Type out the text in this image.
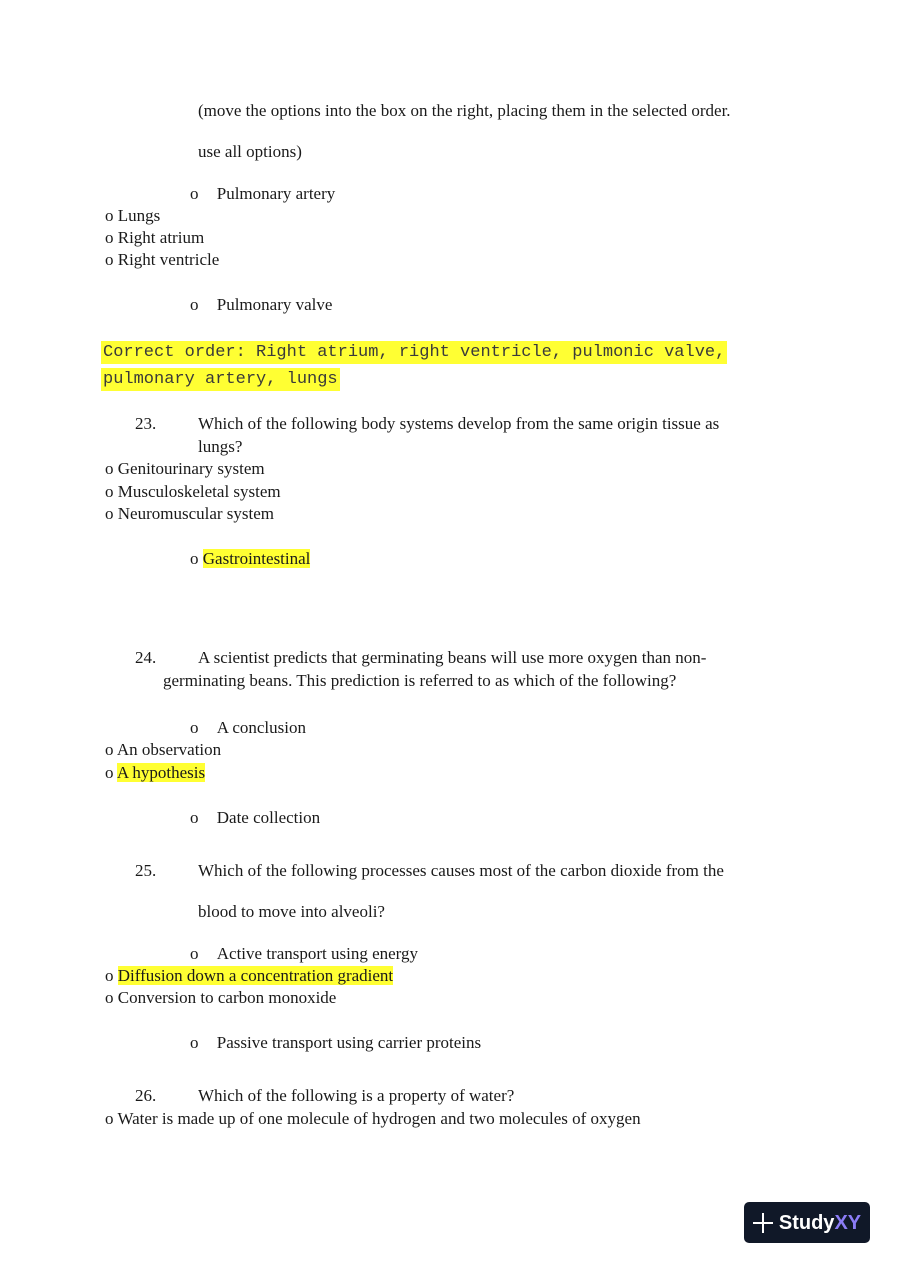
(move the options into the box on the right, placing them in the selected order.
use all options)
o Pulmonary artery
o Lungs
o Right atrium
o Right ventricle
o Pulmonary valve
Correct order: Right atrium, right ventricle, pulmonic valve,
pulmonary artery, lungs
23. Which of the following body systems develop from the same origin tissue as
lungs?
o Genitourinary system
o Musculoskeletal system
o Neuromuscular system
o Gastrointestinal
24. A scientist predicts that germinating beans will use more oxygen than non-
germinating beans. This prediction is referred to as which of the following?
o A conclusion
o An observation
o A hypothesis
o Date collection
25. Which of the following processes causes most of the carbon dioxide from the
blood to move into alveoli?
o Active transport using energy
o Diffusion down a concentration gradient
o Conversion to carbon monoxide
o Passive transport using carrier proteins
26. Which of the following is a property of water?
o Water is made up of one molecule of hydrogen and two molecules of oxygen
StudyXY
